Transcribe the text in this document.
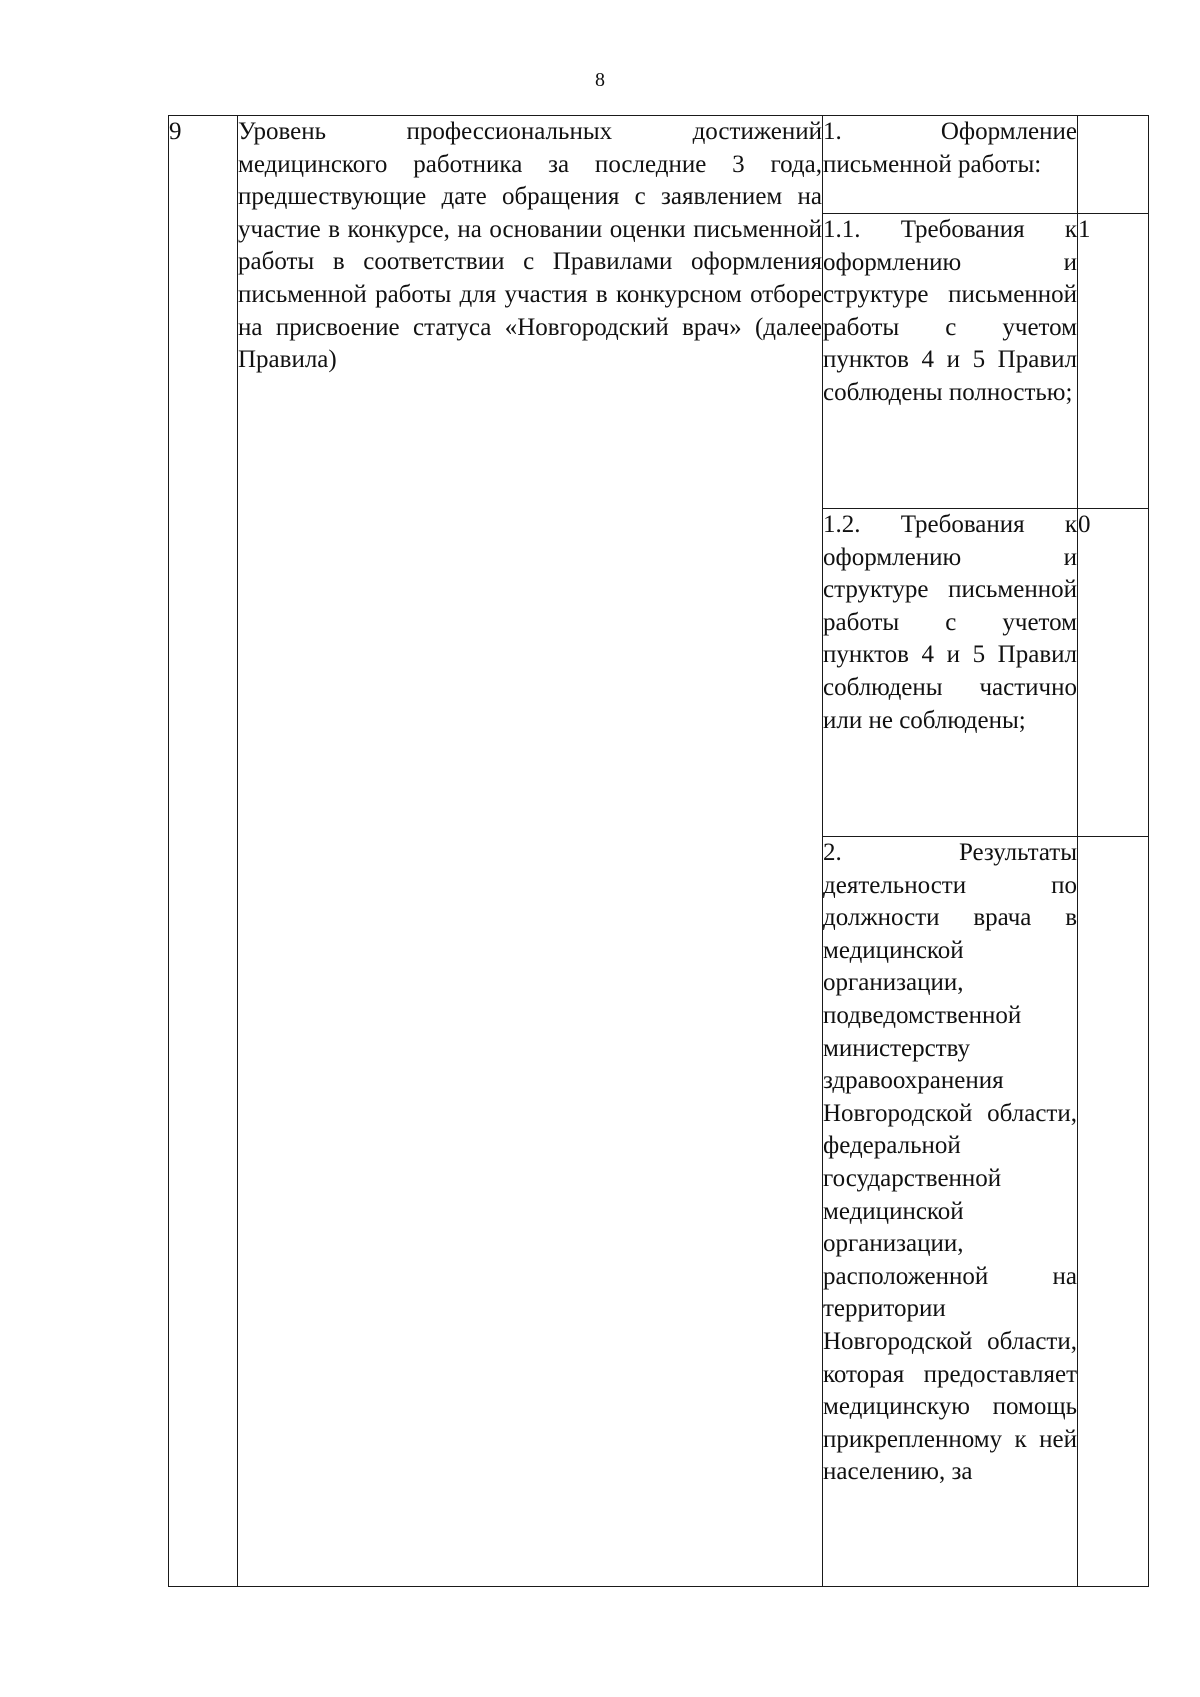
8
9	Уровень профессиональных достижений медицинского работника за последние 3 года, предшествующие дате обращения с заявлением на участие в конкурсе, на основании оценки письменной работы в соответствии с Правилами оформления письменной работы для участия в конкурсном отборе на присвоение статуса «Новгородский врач» (далее Правила)	1. Оформление письменной работы:	
		1.1. Требования к оформлению и структуре письменной работы с учетом пунктов 4 и 5 Правил соблюдены полностью;	1
		1.2. Требования к оформлению и структуре письменной работы с учетом пунктов 4 и 5 Правил соблюдены частично или не соблюдены;	0
		2. Результаты деятельности по должности врача в медицинской организации, подведомственной министерству здравоохранения Новгородской области, федеральной государственной медицинской организации, расположенной на территории Новгородской области, которая предоставляет медицинскую помощь прикрепленному к ней населению, за	
